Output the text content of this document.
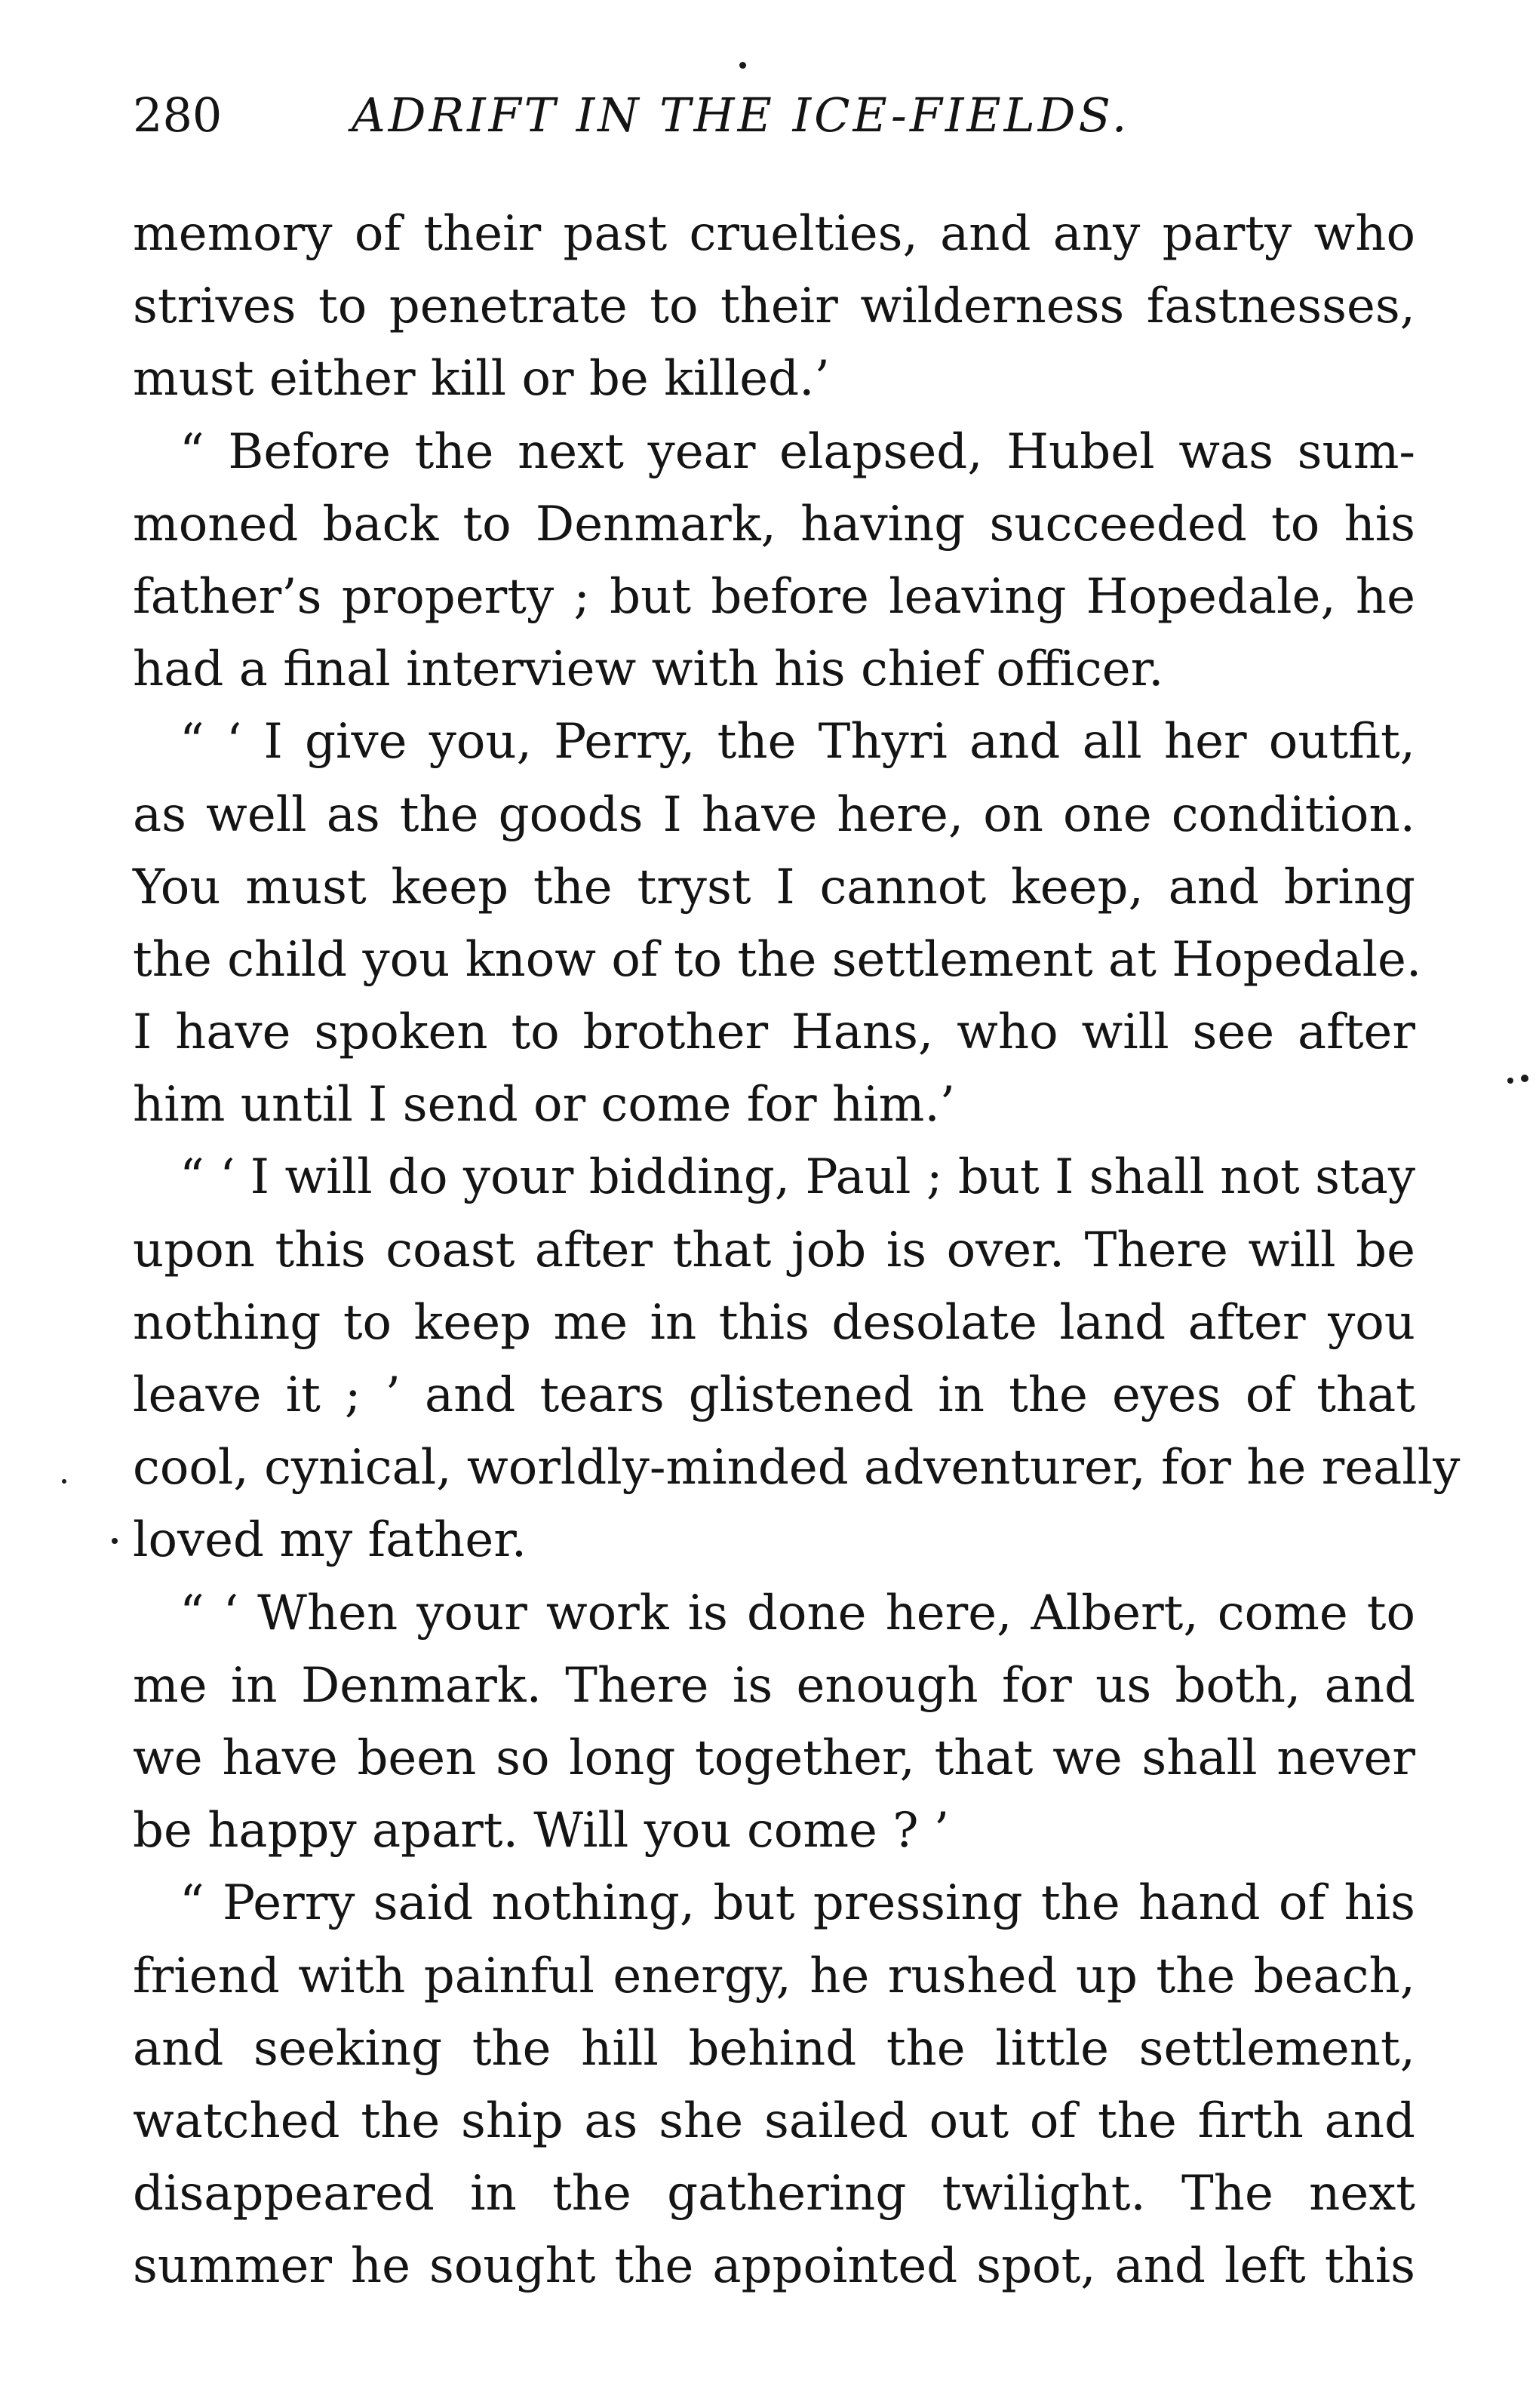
280	ADRIFT IN THE ICE-FIELDS.
memory of their past cruelties, and any party who
strives to penetrate to their wilderness fastnesses,
must either kill or be killed.’
“ Before the next year elapsed, Hubel was sum-
moned back to Denmark, having succeeded to his
father’s property ; but before leaving Hopedale, he
had a final interview with his chief officer.
“ ‘ I give you, Perry, the Thyri and all her outfit,
as well as the goods I have here, on one condition.
You must keep the tryst I cannot keep, and bring
the child you know of to the settlement at Hopedale.
I have spoken to brother Hans, who will see after
him until I send or come for him.’
“ ‘ I will do your bidding, Paul ; but I shall not stay
upon this coast after that job is over. There will be
nothing to keep me in this desolate land after you
leave it ; ’ and tears glistened in the eyes of that
cool, cynical, worldly-minded adventurer, for he really
loved my father.
“ ‘ When your work is done here, Albert, come to
me in Denmark. There is enough for us both, and
we have been so long together, that we shall never
be happy apart. Will you come ? ’
“ Perry said nothing, but pressing the hand of his
friend with painful energy, he rushed up the beach,
and seeking the hill behind the little settlement,
watched the ship as she sailed out of the firth and
disappeared in the gathering twilight. The next
summer he sought the appointed spot, and left this
